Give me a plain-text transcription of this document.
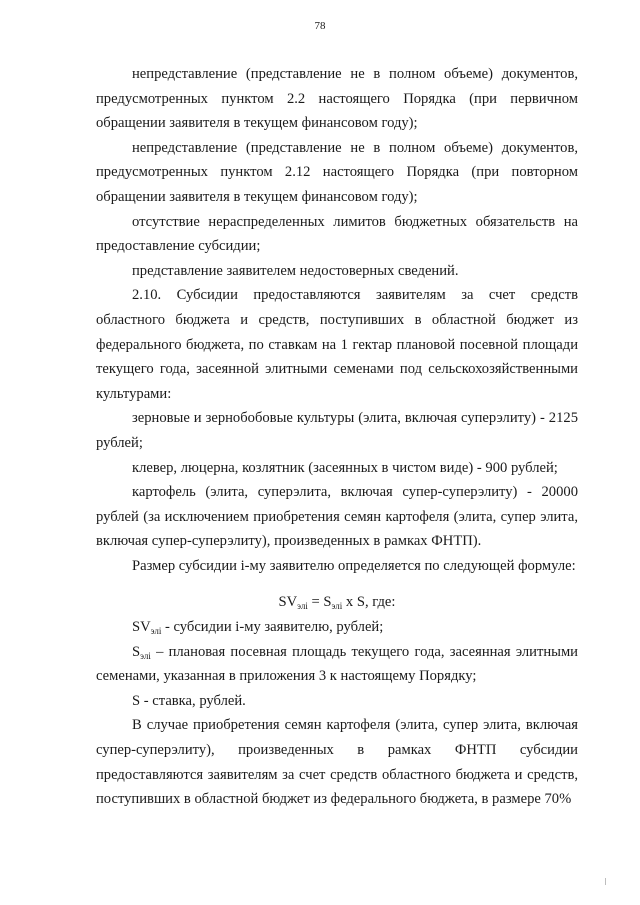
78

непредставление (представление не в полном объеме) документов, предусмотренных пунктом 2.2 настоящего Порядка (при первичном обращении заявителя в текущем финансовом году);

непредставление (представление не в полном объеме) документов, предусмотренных пунктом 2.12 настоящего Порядка (при повторном обращении заявителя в текущем финансовом году);

отсутствие нераспределенных лимитов бюджетных обязательств на предоставление субсидии;

представление заявителем недостоверных сведений.

2.10. Субсидии предоставляются заявителям за счет средств областного бюджета и средств, поступивших в областной бюджет из федерального бюджета, по ставкам на 1 гектар плановой посевной площади текущего года, засеянной элитными семенами под сельскохозяйственными культурами:

зерновые и зернобобовые культуры (элита, включая суперэлиту) - 2125 рублей;

клевер, люцерна, козлятник (засеянных в чистом виде) - 900 рублей;

картофель (элита, суперэлита, включая супер-суперэлиту) - 20000 рублей (за исключением приобретения семян картофеля (элита, супер элита, включая супер-суперэлиту), произведенных в рамках ФНТП).

Размер субсидии i-му заявителю определяется по следующей формуле:

$SV_{элi} = S_{элi}$ x S, где:

$SV_{элi}$ - субсидии i-му заявителю, рублей;

$S_{элi}$ – плановая посевная площадь текущего года, засеянная элитными семенами, указанная в приложения 3 к настоящему Порядку;

S - ставка, рублей.

В случае приобретения семян картофеля (элита, супер элита, включая супер-суперэлиту), произведенных в рамках ФНТП субсидии предоставляются заявителям за счет средств областного бюджета и средств, поступивших в областной бюджет из федерального бюджета, в размере 70%
